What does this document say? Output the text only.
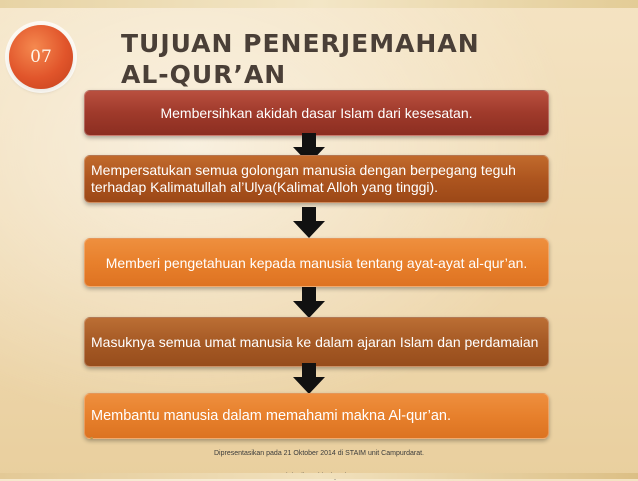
07	TUJUAN PENERJEMAHAN AL-QUR’AN
Membersihkan akidah dasar Islam dari kesesatan.
Mempersatukan semua golongan manusia dengan berpegang teguh terhadap Kalimatullah al’Ulya(Kalimat Alloh yang tinggi).
Memberi pengetahuan kepada manusia tentang ayat-ayat al-qur’an.
Masuknya semua umat manusia ke dalam ajaran Islam dan perdamaian
Membantu manusia dalam memahami makna Al-qur’an.
▪
Dipresentasikan pada 21 Oktober 2014 di STAIM unit Campurdarat.
